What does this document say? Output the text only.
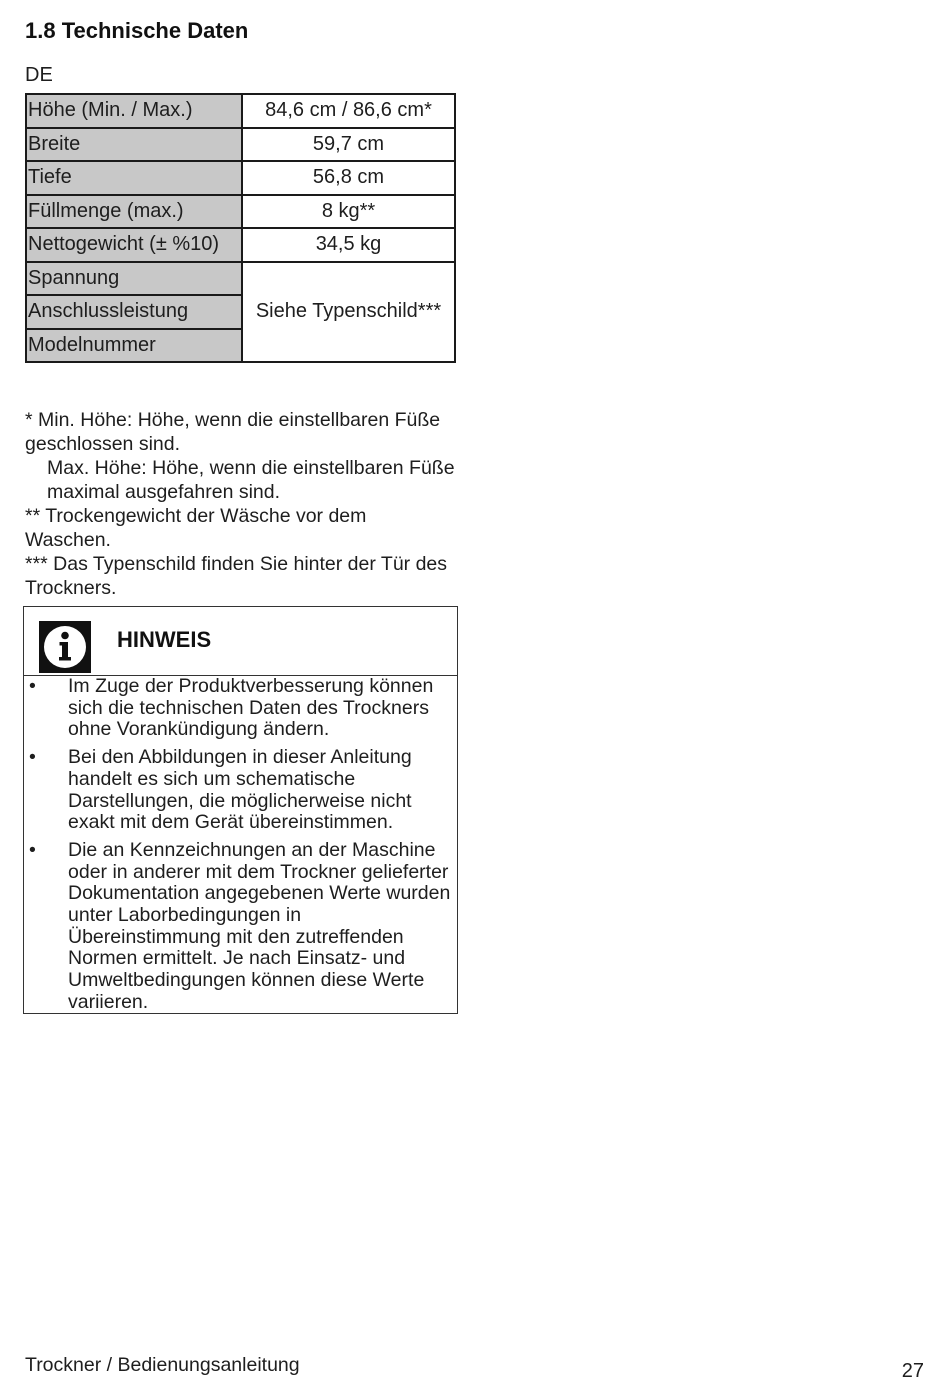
1.8 Technische Daten
DE
Höhe (Min. / Max.)	84,6 cm / 86,6 cm*
Breite	59,7 cm
Tiefe	56,8 cm
Füllmenge (max.)	8 kg**
Nettogewicht (± %10)	34,5 kg
Spannung	Siehe Typenschild***
Anschlussleistung	
Modelnummer	

* Min. Höhe: Höhe, wenn die einstellbaren Füße geschlossen sind.

Max. Höhe: Höhe, wenn die einstellbaren Füße maximal ausgefahren sind.

** Trockengewicht der Wäsche vor dem Waschen.

*** Das Typenschild finden Sie hinter der Tür des Trockners.

HINWEIS
• Im Zuge der Produktverbesserung können sich die technischen Daten des Trockners ohne Vorankündigung ändern.
• Bei den Abbildungen in dieser Anleitung handelt es sich um schematische Darstellungen, die möglicherweise nicht exakt mit dem Gerät übereinstimmen.
• Die an Kennzeichnungen an der Maschine oder in anderer mit dem Trockner gelieferter Dokumentation angegebenen Werte wurden unter Laborbedingungen in Übereinstimmung mit den zutreffenden Normen ermittelt. Je nach Einsatz- und Umweltbedingungen können diese Werte variieren.
Trockner / Bedienungsanleitung	27
